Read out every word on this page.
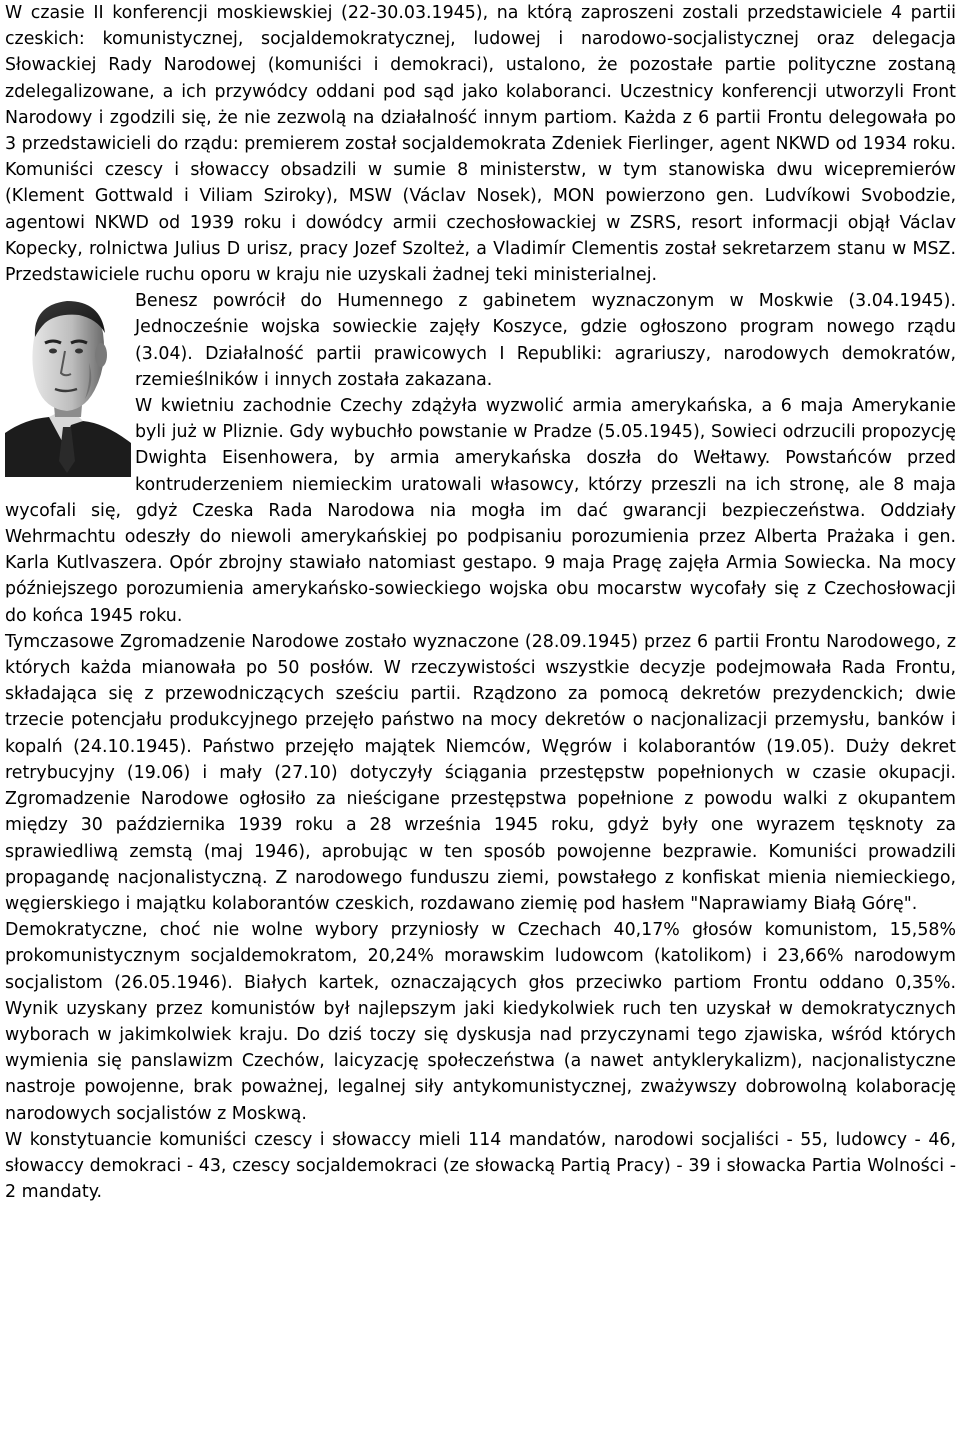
W czasie II konferencji moskiewskiej (22-30.03.1945), na którą zaproszeni zostali przedstawiciele 4 partii czeskich: komunistycznej, socjaldemokratycznej, ludowej i narodowo-socjalistycznej oraz delegacja Słowackiej Rady Narodowej (komuniści i demokraci), ustalono, że pozostałe partie polityczne zostaną zdelegalizowane, a ich przywódcy oddani pod sąd jako kolaboranci. Uczestnicy konferencji utworzyli Front Narodowy i zgodzili się, że nie zezwolą na działalność innym partiom. Każda z 6 partii Frontu delegowała po 3 przedstawicieli do rządu: premierem został socjaldemokrata Zdeniek Fierlinger, agent NKWD od 1934 roku. Komuniści czescy i słowaccy obsadzili w sumie 8 ministerstw, w tym stanowiska dwu wicepremierów (Klement Gottwald i Viliam Sziroky), MSW (Václav Nosek), MON powierzono gen. Ludvíkowi Svobodzie, agentowi NKWD od 1939 roku i dowódcy armii czechosłowackiej w ZSRS, resort informacji objął Václav Kopecky, rolnictwa Julius D urisz, pracy Jozef Szolteż, a Vladimír Clementis został sekretarzem stanu w MSZ. Przedstawiciele ruchu oporu w kraju nie uzyskali żadnej teki ministerialnej.

Benesz powrócił do Humennego z gabinetem wyznaczonym w Moskwie (3.04.1945). Jednocześnie wojska sowieckie zajęły Koszyce, gdzie ogłoszono program nowego rządu (3.04). Działalność partii prawicowych I Republiki: agrariuszy, narodowych demokratów, rzemieślników i innych została zakazana.

W kwietniu zachodnie Czechy zdążyła wyzwolić armia amerykańska, a 6 maja Amerykanie byli już w Pliznie. Gdy wybuchło powstanie w Pradze (5.05.1945), Sowieci odrzucili propozycję Dwighta Eisenhowera, by armia amerykańska doszła do Wełtawy. Powstańców przed kontruderzeniem niemieckim uratowali własowcy, którzy przeszli na ich stronę, ale 8 maja wycofali się, gdyż Czeska Rada Narodowa nia mogła im dać gwarancji bezpieczeństwa. Oddziały Wehrmachtu odeszły do niewoli amerykańskiej po podpisaniu porozumienia przez Alberta Prażaka i gen. Karla Kutlvaszera. Opór zbrojny stawiało natomiast gestapo. 9 maja Pragę zajęła Armia Sowiecka. Na mocy późniejszego porozumienia amerykańsko-sowieckiego wojska obu mocarstw wycofały się z Czechosłowacji do końca 1945 roku.

Tymczasowe Zgromadzenie Narodowe zostało wyznaczone (28.09.1945) przez 6 partii Frontu Narodowego, z których każda mianowała po 50 posłów. W rzeczywistości wszystkie decyzje podejmowała Rada Frontu, składająca się z przewodniczących sześciu partii. Rządzono za pomocą dekretów prezydenckich; dwie trzecie potencjału produkcyjnego przejęło państwo na mocy dekretów o nacjonalizacji przemysłu, banków i kopalń (24.10.1945). Państwo przejęło majątek Niemców, Węgrów i kolaborantów (19.05). Duży dekret retrybucyjny (19.06) i mały (27.10) dotyczyły ściągania przestępstw popełnionych w czasie okupacji. Zgromadzenie Narodowe ogłosiło za nieścigane przestępstwa popełnione z powodu walki z okupantem między 30 października 1939 roku a 28 września 1945 roku, gdyż były one wyrazem tęsknoty za sprawiedliwą zemstą (maj 1946), aprobując w ten sposób powojenne bezprawie. Komuniści prowadzili propagandę nacjonalistyczną. Z narodowego funduszu ziemi, powstałego z konfiskat mienia niemieckiego, węgierskiego i majątku kolaborantów czeskich, rozdawano ziemię pod hasłem "Naprawiamy Białą Górę".

Demokratyczne, choć nie wolne wybory przyniosły w Czechach 40,17% głosów komunistom, 15,58% prokomunistycznym socjaldemokratom, 20,24% morawskim ludowcom (katolikom) i 23,66% narodowym socjalistom (26.05.1946). Białych kartek, oznaczających głos przeciwko partiom Frontu oddano 0,35%. Wynik uzyskany przez komunistów był najlepszym jaki kiedykolwiek ruch ten uzyskał w demokratycznych wyborach w jakimkolwiek kraju. Do dziś toczy się dyskusja nad przyczynami tego zjawiska, wśród których wymienia się panslawizm Czechów, laicyzację społeczeństwa (a nawet antyklerykalizm), nacjonalistyczne nastroje powojenne, brak poważnej, legalnej siły antykomunistycznej, zważywszy dobrowolną kolaborację narodowych socjalistów z Moskwą.

W konstytuancie komuniści czescy i słowaccy mieli 114 mandatów, narodowi socjaliści - 55, ludowcy - 46, słowaccy demokraci - 43, czescy socjaldemokraci (ze słowacką Partią Pracy) - 39 i słowacka Partia Wolności - 2 mandaty.
